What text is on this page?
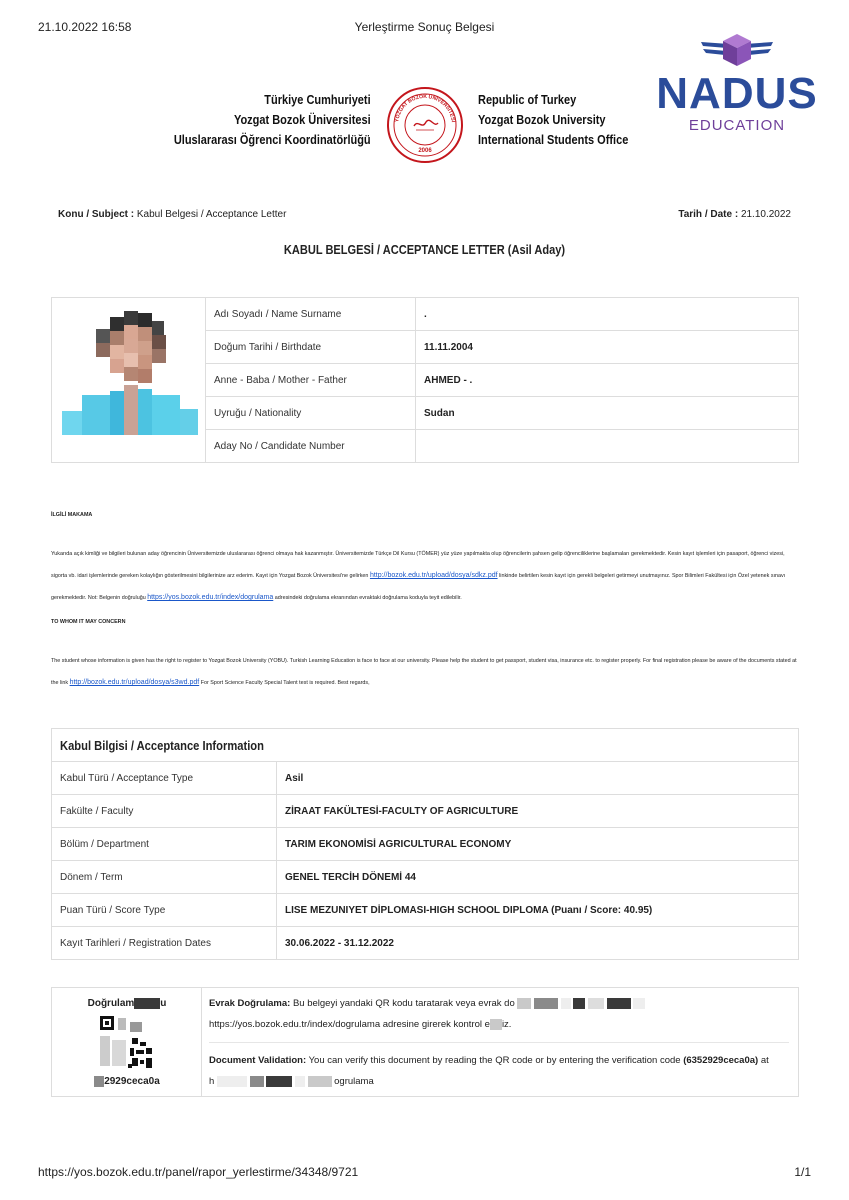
21.10.2022 16:58	Yerleştirme Sonuç Belgesi
NADUS
EDUCATION
Türkiye Cumhuriyeti
Yozgat Bozok Üniversitesi
Uluslararası Öğrenci Koordinatörlüğü
YOZGAT BOZOK ÜNİVERSİTESİ
2006
Republic of Turkey
Yozgat Bozok University
International Students Office
Konu / Subject : Kabul Belgesi / Acceptance Letter	Tarih / Date : 21.10.2022
KABUL BELGESİ / ACCEPTANCE LETTER (Asil Aday)
	Adı Soyadı / Name Surname	.
	Doğum Tarihi / Birthdate	11.11.2004
	Anne - Baba / Mother - Father	AHMED - .
	Uyruğu / Nationality	Sudan
	Aday No / Candidate Number	
İLGİLİ MAKAMA
Yukarıda açık kimliği ve bilgileri bulunan aday öğrencinin Üniversitemizde uluslararası öğrenci olmaya hak kazanmıştır. Üniversitemizde Türkçe Dil Kursu (TÖMER) yüz yüze yapılmakta olup öğrencilerin şahsen gelip öğrenciliklerine başlamaları gerekmektedir. Kesin kayıt işlemleri için pasaport, öğrenci vizesi, sigorta vb. idari işlemlerinde gereken kolaylığın gösterilmesini bilgilerinize arz ederim. Kayıt için Yozgat Bozok Üniversitesi'ne gelirken http://bozok.edu.tr/upload/dosya/sdkz.pdf linkinde belirtilen kesin kayıt için gerekli belgeleri getirmeyi unutmayınız. Spor Bilimleri Fakültesi için Özel yetenek sınavı gerekmektedir. Not: Belgenin doğruluğu https://yos.bozok.edu.tr/index/dogrulama adresindeki doğrulama ekranından evraktaki doğrulama koduyla teyit edilebilir.
TO WHOM IT MAY CONCERN
The student whose information is given has the right to register to Yozgat Bozok University (YOBU). Turkish Learning Education is face to face at our university. Please help the student to get passport, student visa, insurance etc. to register properly. For final registration please be aware of the documents stated at the link http://bozok.edu.tr/upload/dosya/s3wd.pdf For Sport Science Faculty Special Talent test is required. Best regards,
Kabul Bilgisi / Acceptance Information	
Kabul Türü / Acceptance Type	Asil
Fakülte / Faculty	ZİRAAT FAKÜLTESİ-FACULTY OF AGRICULTURE
Bölüm / Department	TARIM EKONOMİSİ AGRICULTURAL ECONOMY
Dönem / Term	GENEL TERCİH DÖNEMİ 44
Puan Türü / Score Type	LISE MEZUNIYET DİPLOMASI-HIGH SCHOOL DIPLOMA (Puanı / Score: 40.95)
Kayıt Tarihleri / Registration Dates	30.06.2022 - 31.12.2022
Doğrulam	u
2929ceca0a
Evrak Doğrulama: Bu belgeyi yandaki QR kodu taratarak veya evrak do
https://yos.bozok.edu.tr/index/dogrulama adresine girerek kontrol e iz.
Document Validation: You can verify this document by reading the QR code or by entering the verification code (6352929ceca0a) at
h	ogrulama
https://yos.bozok.edu.tr/panel/rapor_yerlestirme/34348/9721	1/1
